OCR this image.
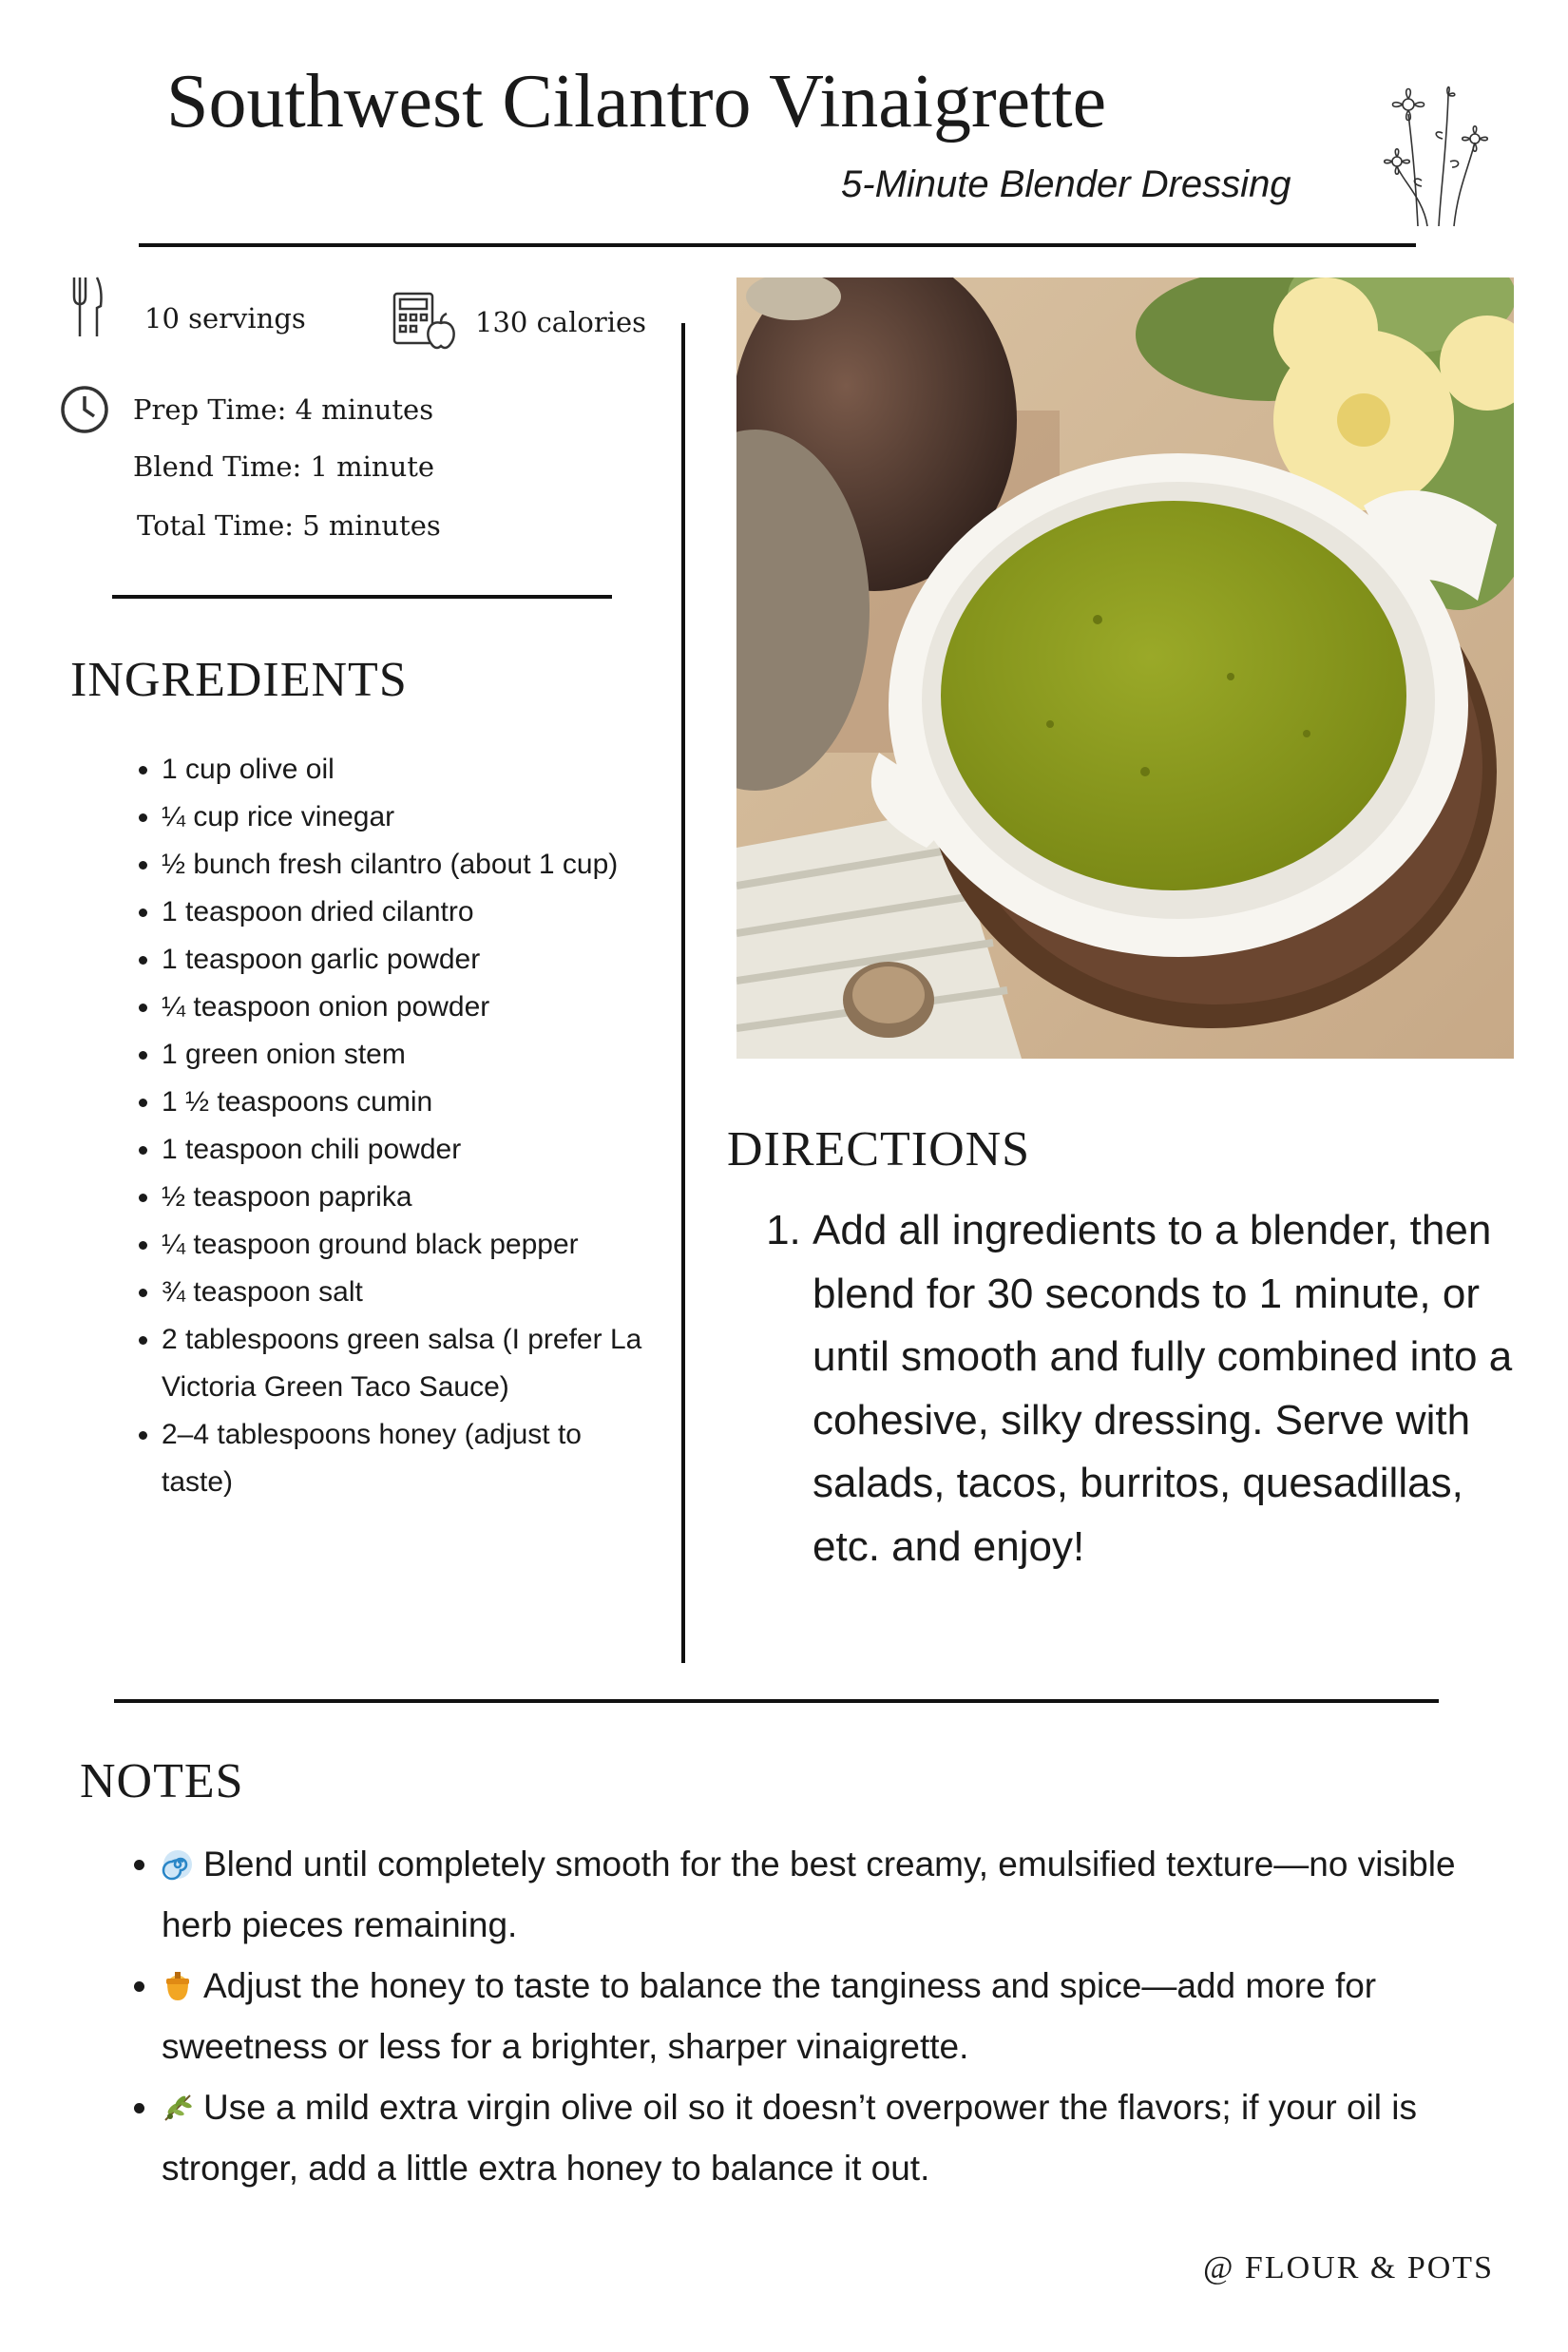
Southwest Cilantro Vinaigrette
5-Minute Blender Dressing
10 servings	130 calories
Prep Time: 4 minutes
Blend Time: 1 minute
Total Time: 5 minutes
INGREDIENTS
• 1 cup olive oil
• ¼ cup rice vinegar
• ½ bunch fresh cilantro (about 1 cup)
• 1 teaspoon dried cilantro
• 1 teaspoon garlic powder
• ¼ teaspoon onion powder
• 1 green onion stem
• 1 ½ teaspoons cumin
• 1 teaspoon chili powder
• ½ teaspoon paprika
• ¼ teaspoon ground black pepper
• ¾ teaspoon salt
• 2 tablespoons green salsa (I prefer La Victoria Green Taco Sauce)
• 2–4 tablespoons honey (adjust to taste)
DIRECTIONS
1. Add all ingredients to a blender, then blend for 30 seconds to 1 minute, or until smooth and fully combined into a cohesive, silky dressing. Serve with salads, tacos, burritos, quesadillas, etc. and enjoy!
NOTES
• Blend until completely smooth for the best creamy, emulsified texture—no visible herb pieces remaining.
• Adjust the honey to taste to balance the tanginess and spice—add more for sweetness or less for a brighter, sharper vinaigrette.
• Use a mild extra virgin olive oil so it doesn’t overpower the flavors; if your oil is stronger, add a little extra honey to balance it out.
@ FLOUR & POTS
